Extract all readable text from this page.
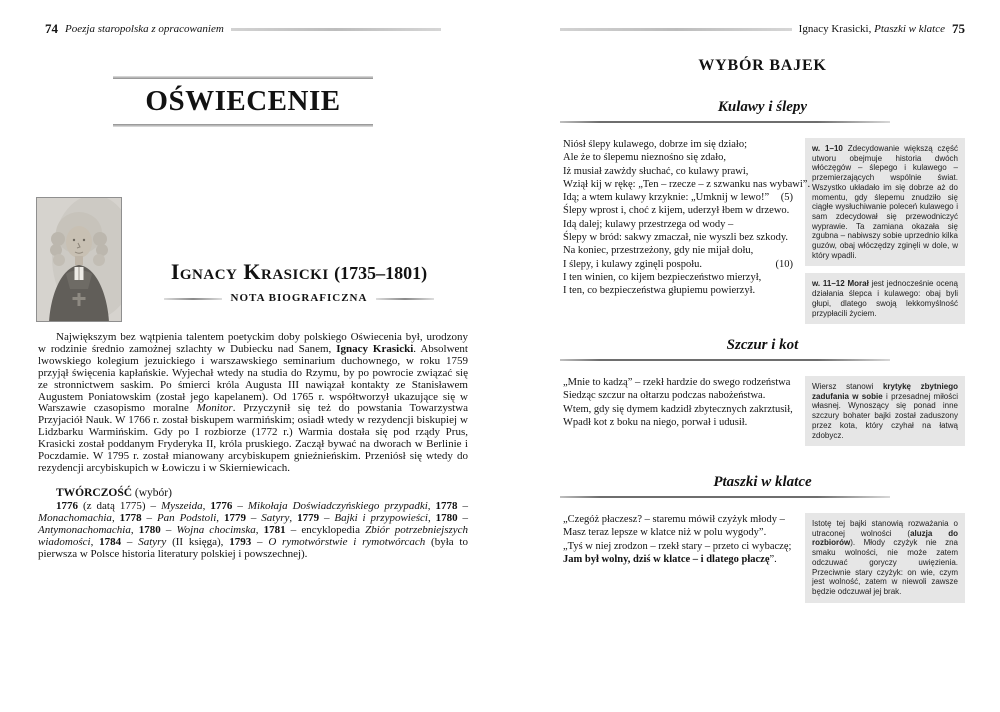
74 Poezja staropolska z opracowaniem
OŚWIECENIE
Ignacy Krasicki (1735–1801)
NOTA BIOGRAFICZNA

Największym bez wątpienia talentem poetyckim doby polskiego Oświecenia był, urodzony w rodzinie średnio zamożnej szlachty w Dubiecku nad Sanem, Ignacy Krasicki. Absolwent lwowskiego kolegium jezuickiego i warszawskiego seminarium duchownego, w roku 1759 przyjął święcenia kapłańskie. Wyjechał wtedy na studia do Rzymu, by po powrocie związać się ze stronnictwem saskim. Po śmierci króla Augusta III nawiązał kontakty ze Stanisławem Augustem Poniatowskim (został jego kapelanem). Od 1765 r. współtworzył ukazujące się w Warszawie czasopismo moralne Monitor. Przyczynił się też do powstania Towarzystwa Przyjaciół Nauk. W 1766 r. został biskupem warmińskim; osiadł wtedy w rezydencji biskupiej w Lidzbarku Warmińskim. Gdy po I rozbiorze (1772 r.) Warmia dostała się pod rządy Prus, Krasicki został poddanym Fryderyka II, króla pruskiego. Zaczął bywać na dworach w Berlinie i Poczdamie. W 1795 r. został mianowany arcybiskupem gnieźnieńskim. Przeniósł się wtedy do rezydencji arcybiskupich w Łowiczu i w Skierniewicach.

TWÓRCZOŚĆ (wybór)

1776 (z datą 1775) – Myszeida, 1776 – Mikołaja Doświadczyńskiego przypadki, 1778 – Monachomachia, 1778 – Pan Podstoli, 1779 – Satyry, 1779 – Bajki i przypowieści, 1780 – Antymonachomachia, 1780 – Wojna chocimska, 1781 – encyklopedia Zbiór potrzebniejszych wiadomości, 1784 – Satyry (II księga), 1793 – O rymotwórstwie i rymotwórcach (była to pierwsza w Polsce historia literatury polskiej i powszechnej).

Ignacy Krasicki, Ptaszki w klatce 75
WYBÓR BAJEK
Kulawy i ślepy
Niósł ślepy kulawego, dobrze im się działo;
Ale że to ślepemu nieznośno się zdało,
Iż musiał zawżdy słuchać, co kulawy prawi,
Wziął kij w rękę: „Ten – rzecze – z szwanku nas wybawi”.
Idą; a wtem kulawy krzyknie: „Umknij w lewo!” (5)
Ślepy wprost i, choć z kijem, uderzył łbem w drzewo.
Idą dalej; kulawy przestrzega od wody –
Ślepy w bród: sakwy zmaczał, nie wyszli bez szkody.
Na koniec, przestrzeżony, gdy nie mijał dołu,
I ślepy, i kulawy zginęli pospołu.	(10)
I ten winien, co kijem bezpieczeństwo mierzył,
I ten, co bezpieczeństwa głupiemu powierzył.
w. 1–10 Zdecydowanie większą część utworu obejmuje historia dwóch włóczęgów – ślepego i kulawego – przemierzających wspólnie świat. Wszystko układało im się dobrze aż do momentu, gdy ślepemu znudziło się ciągłe wysłuchiwanie poleceń kulawego i sam zdecydował się przewodniczyć wyprawie. Ta zamiana okazała się zgubna – nabiwszy sobie uprzednio kilka guzów, obaj włóczędzy zginęli w dole, w który wpadli.
w. 11–12 Morał jest jednocześnie oceną działania ślepca i kulawego: obaj byli głupi, dlatego swoją lekkomyślność przypłacili życiem.
Szczur i kot
„Mnie to kadzą” – rzekł hardzie do swego rodzeństwa
Siedząc szczur na ołtarzu podczas nabożeństwa.
Wtem, gdy się dymem kadzidł zbytecznych zakrztusił,
Wpadł kot z boku na niego, porwał i udusił.
Wiersz stanowi krytykę zbytniego zadufania w sobie i przesadnej miłości własnej. Wynoszący się ponad inne szczury bohater bajki został zaduszony przez kota, który czyhał na łatwą zdobycz.
Ptaszki w klatce
„Czegóż płaczesz? – staremu mówił czyżyk młody –
Masz teraz lepsze w klatce niż w polu wygody”.
„Tyś w niej zrodzon – rzekł stary – przeto ci wybaczę;
Jam był wolny, dziś w klatce – i dlatego płaczę”.
Istotę tej bajki stanowią rozważania o utraconej wolności (aluzja do rozbiorów). Młody czyżyk nie zna smaku wolności, nie może zatem odczuwać goryczy uwięzienia. Przeciwnie stary czyżyk: on wie, czym jest wolność, zatem w niewoli zawsze będzie odczuwał jej brak.
